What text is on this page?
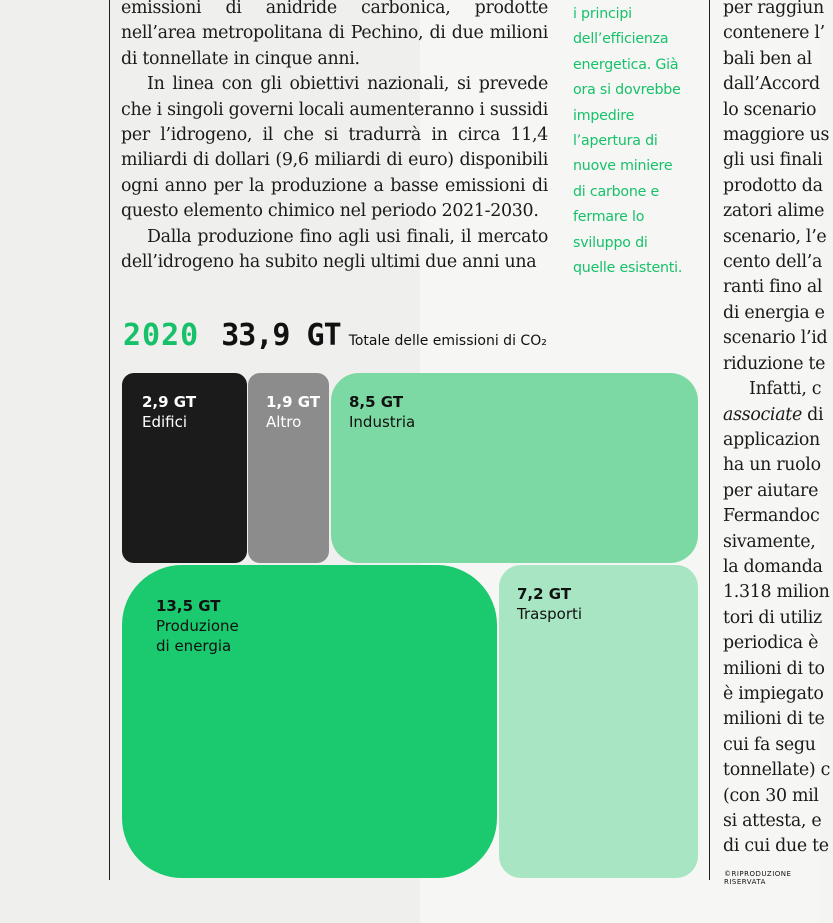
emissioni di anidride carbonica, prodotte nell’area metropolitana di Pechino, di due milioni di tonnellate in cinque anni.

In linea con gli obiettivi nazionali, si prevede che i singoli governi locali aumenteranno i sussidi per l’idrogeno, il che si tradurrà in circa 11,4 miliardi di dollari (9,6 miliardi di euro) disponibili ogni anno per la produzione a basse emissioni di questo elemento chimico nel periodo 2021-2030.

Dalla produzione fino agli usi finali, il mercato dell’idrogeno ha subito negli ultimi due anni una

i principi
dell’efficienza
energetica. Già
ora si dovrebbe
impedire
l’apertura di
nuove miniere
di carbone e
fermare lo
sviluppo di
quelle esistenti.
per raggiun
contenere l’
bali ben al
dall’Accord
lo scenario
maggiore us
gli usi finali
prodotto da
zatori alime
scenario, l’e
cento dell’a
ranti fino al
di energia e
scenario l’id
riduzione te
Infatti, c
associate di
applicazion
ha un ruolo
per aiutare
Fermandoc
sivamente,
la domanda
1.318 milion
tori di utiliz
periodica è
milioni di to
è impiegato
milioni di te
cui fa segu
tonnellate) c
(con 30 mil
si attesta, e
di cui due te
2020 33,9 GT Totale delle emissioni di CO₂
2,9 GT
Edifici
1,9 GT
Altro
8,5 GT
Industria
13,5 GT
Produzione
di energia
7,2 GT
Trasporti
©RIPRODUZIONE RISERVATA
